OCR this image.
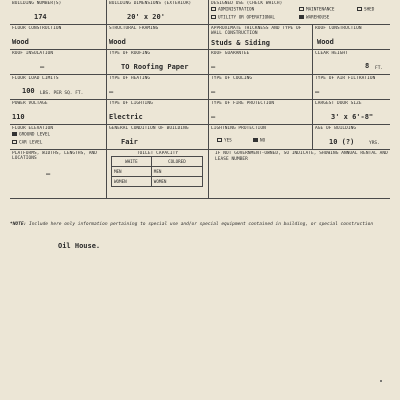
BUILDING NUMBER(S)
174
BUILDING DIMENSIONS (EXTERIOR)
20' x 20'
DESIGNED USE (CHECK WHICH)
ADMINISTRATION
UTILITY OR OPERATIONAL
MAINTENANCE
WAREHOUSE
SHED
FLOOR CONSTRUCTION
Wood
STRUCTURAL FRAMING
Wood
APPROXIMATE THICKNESS AND TYPE OF WALL CONSTRUCTION
Studs & Siding
ROOF CONSTRUCTION
Wood
ROOF INSULATION
—
TYPE OF ROOFING
TO Roofing Paper
ROOF GUARANTEE
—
CLEAR HEIGHT
8 FT.
FLOOR LOAD LIMITS
100 LBS. PER SQ. FT.
TYPE OF HEATING
—
TYPE OF COOLING
—
TYPE OF AIR FILTRATION
—
POWER VOLTAGE
110
TYPE OF LIGHTING
Electric
TYPE OF FIRE PROTECTION
—
LARGEST DOOR SIZE
3' x 6'-8"
FLOOR ELEVATION
GROUND LEVEL
CAR LEVEL
GENERAL CONDITION OF BUILDING
Fair
LIGHTNING PROTECTION
YES	NO
AGE OF BUILDING
10 (?)	YRS.
PLATFORMS, WIDTHS, LENGTHS, AND LOCATIONS
—
TOILET CAPACITY
WHITE	COLORED
MEN	MEN
WOMEN	WOMEN
IF NOT GOVERNMENT-OWNED, SO INDICATE, SHOWING ANNUAL RENTAL AND LEASE NUMBER
*NOTE: Include here only information pertaining to special use and/or special equipment contained in building, or special construction
Oil House.
